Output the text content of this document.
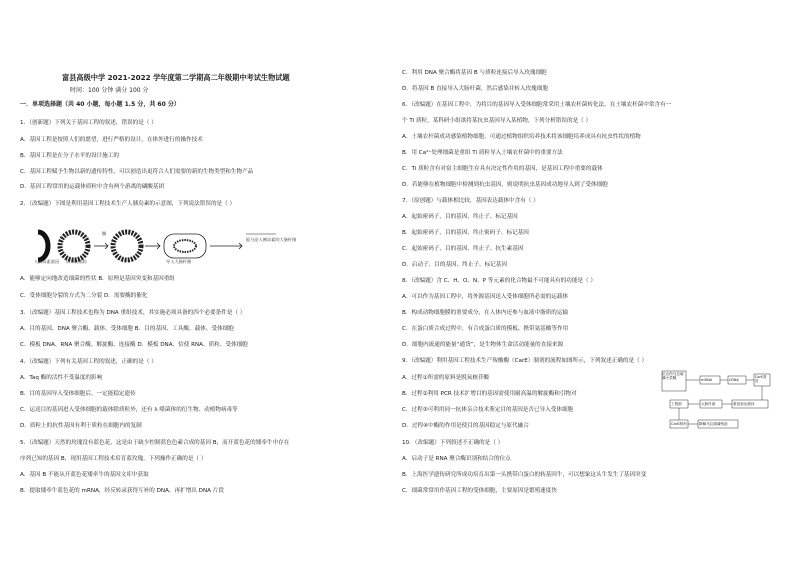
富县高级中学 2021-2022 学年度第二学期高二年级期中考试生物试题
时间：100 分钟 满分 100 分
一．单项选择题（共 40 小题，每小题 1.5 分，共 60 分）
1．（创新题）下列关于基因工程的叙述，错误的是（ ）
A．基因工程是按照人们的愿望，进行严格的设计，在体外进行的操作技术
B．基因工程是在分子水平的设计施工的
C．基因工程赋予生物以新的遗传特性，可以创造出更符合人们需要的新的生物类型和生物产品
D．基因工程常用的运载体质粒中含有两个游离的磷酸基团
2．（改编题）下图是利用基因工程技术生产人胰岛素的示意图，下列说法错误的是（ ）
人胰岛素基因 切开的质粒
酶
导入大肠杆菌
能分泌人胰岛素的大肠杆菌
A．能够定向地改造细菌的性状 B．原理是基因突变和基因重组
C．受体细胞分裂的方式为二分裂 D．需要酶的催化
3．（改编题）基因工程技术也称为 DNA 重组技术，其实施必须具备的四个必要条件是（ ）
A．目的基因、DNA 聚合酶、载体、受体细胞 B．目的基因、工具酶、载体、受体细胞
C．模板 DNA、RNA 聚合酶、解旋酶、连接酶 D．模板 DNA、信使 RNA、质粒、受体细胞
4．（改编题）下列有关基因工程的叙述，正确的是（ ）
A．Taq 酶的活性不受温度的影响
B．目的基因导入受体细胞后，一定能稳定遗传
C．运送目的基因进入受体细胞的载体除质粒外，还有 λ 噬菌体的衍生物、动植物病毒等
D．质粒上的抗性基因有利于质粒在细胞内的复制
5．（改编题）天然的玫瑰没有蓝色花，这是由于缺少控制蓝色色素合成的基因 B，而开蓝色花的矮牵牛中存在
序列已知的基因 B，现用基因工程技术培育蓝玫瑰，下列操作正确的是（ ）
A．基因 B 不能从开蓝色花矮牵牛的基因文库中获取
B．提取矮牵牛蓝色花的 mRNA，经反转录获得互补的 DNA，再扩增出 DNA 片段
C．利用 DNA 聚合酶将基因 B 与质粒连接后导入玫瑰细胞
D．将基因 B 直接导入大肠杆菌，然后感染并转入玫瑰细胞
6．（改编题）在基因工程中，为将目的基因导入受体细胞常采用土壤农杆菌转化法，在土壤农杆菌中常含有一
个 Ti 质粒，某科研小组欲将某抗虫基因导入某植物，下列分析错误的是（ ）
A．土壤农杆菌成功感染植物细胞，可通过植物组织培养技术将该细胞培养成具有抗虫性状的植物
B．用 Ca²⁺处理细菌是重组 Ti 质粒导入土壤农杆菌中的重要方法
C．Ti 质粒含有对宿主细胞生存具有决定性作用的基因，是基因工程中重要的载体
D．若能够在植物细胞中检测到抗虫基因，则说明抗虫基因成功地导入到了受体细胞
7．（原创题）与载体相比较，基因表达载体中含有（ ）
A．起始密码子、目的基因、终止子、标记基因
B．起始密码子、目的基因、终止密码子、标记基因
C．起始密码子、目的基因、终止子、抗生素基因
D．启动子、目的基因、终止子、标记基因
8．（改编题）含 C、H、O、N、P 等元素的化合物最不可能具有的功能是（ ）
A．可以作为基因工程中，将外源基因送入受体细胞所必需的运载体
B．构成动物细胞膜的重要成分，在人体内还参与血液中脂质的运输
C．在蛋白质合成过程中，有合成蛋白质的模板、携带氨基酸等作用
D．细胞内流通的能量“通货”，是生物体生命活动能量的直接来源
9．（改编题）利用基因工程技术生产羧酸酶（CarE）制剂的流程如图所示，下列叙述正确的是（ ）
A．过程①所需的原料是脱氧核苷酸
B．过程②利用 PCR 技术扩增目的基因需使用耐高温的解旋酶和引物对
C．过程③可利用同一抗体亲合技术鉴定目的基因是否已导入受体细胞
D．过程④中酶的作用是使目的基因稳定与原代融合
10．（改编题）下列叙述不正确的是（ ）
A．启动子是 RNA 聚合酶识别和结合的位点
B．上海医学遗传研究所成功培育出第一头携带白蛋白的转基因牛，可以想象这头牛发生了基因突变
C．细菌常常用作基因工程的受体细胞，主要原因是繁殖速度快
抗农药马拉硫磷小菜蛾	mRNA	cDNA
CarE基因
工程菌	大肠杆菌	重组表达载体
CarE制剂	降解马拉硫磷残留
